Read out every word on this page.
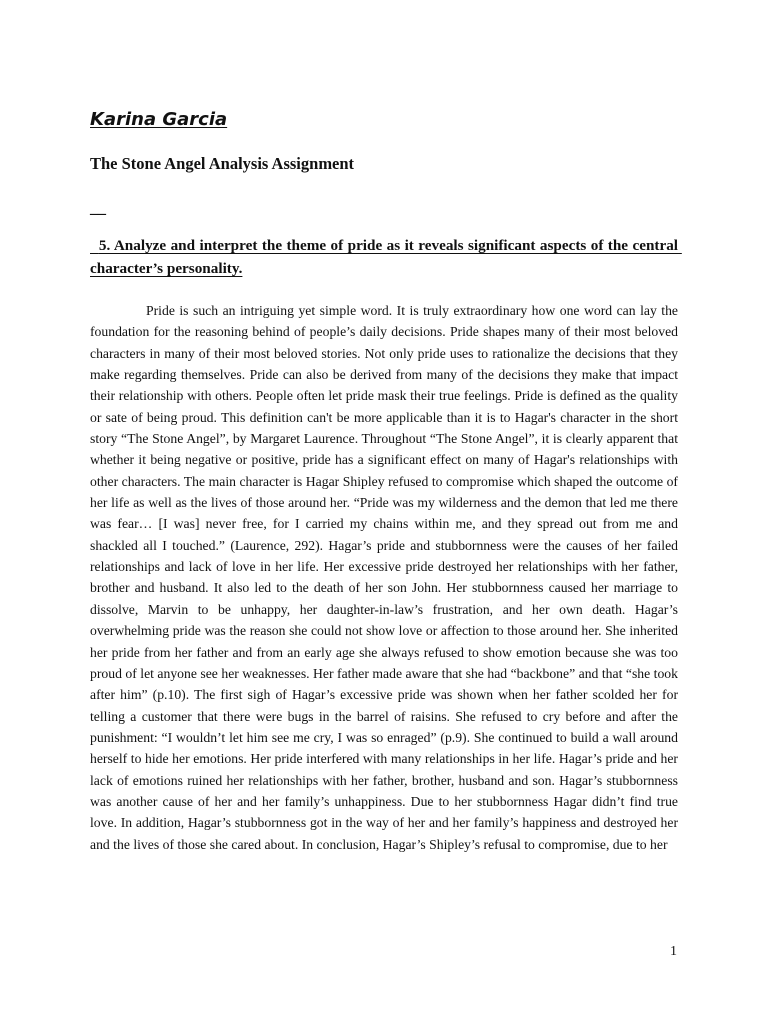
Karina Garcia
The Stone Angel Analysis Assignment
__
5. Analyze and interpret the theme of pride as it reveals significant aspects of the central character’s personality.

Pride is such an intriguing yet simple word. It is truly extraordinary how one word can lay the foundation for the reasoning behind of people’s daily decisions. Pride shapes many of their most beloved characters in many of their most beloved stories. Not only pride uses to rationalize the decisions that they make regarding themselves. Pride can also be derived from many of the decisions they make that impact their relationship with others. People often let pride mask their true feelings. Pride is defined as the quality or sate of being proud. This definition can't be more applicable than it is to Hagar's character in the short story “The Stone Angel”, by Margaret Laurence. Throughout “The Stone Angel”, it is clearly apparent that whether it being negative or positive, pride has a significant effect on many of Hagar's relationships with other characters. The main character is Hagar Shipley refused to compromise which shaped the outcome of her life as well as the lives of those around her. “Pride was my wilderness and the demon that led me there was fear… [I was] never free, for I carried my chains within me, and they spread out from me and shackled all I touched.” (Laurence, 292). Hagar’s pride and stubbornness were the causes of her failed relationships and lack of love in her life. Her excessive pride destroyed her relationships with her father, brother and husband. It also led to the death of her son John. Her stubbornness caused her marriage to dissolve, Marvin to be unhappy, her daughter-in-law’s frustration, and her own death. Hagar’s overwhelming pride was the reason she could not show love or affection to those around her. She inherited her pride from her father and from an early age she always refused to show emotion because she was too proud of let anyone see her weaknesses. Her father made aware that she had “backbone” and that “she took after him” (p.10). The first sigh of Hagar’s excessive pride was shown when her father scolded her for telling a customer that there were bugs in the barrel of raisins. She refused to cry before and after the punishment: “I wouldn’t let him see me cry, I was so enraged” (p.9). She continued to build a wall around herself to hide her emotions. Her pride interfered with many relationships in her life. Hagar’s pride and her lack of emotions ruined her relationships with her father, brother, husband and son. Hagar’s stubbornness was another cause of her and her family’s unhappiness. Due to her stubbornness Hagar didn’t find true love. In addition, Hagar’s stubbornness got in the way of her and her family’s happiness and destroyed her and the lives of those she cared about. In conclusion, Hagar’s Shipley’s refusal to compromise, due to her

1
